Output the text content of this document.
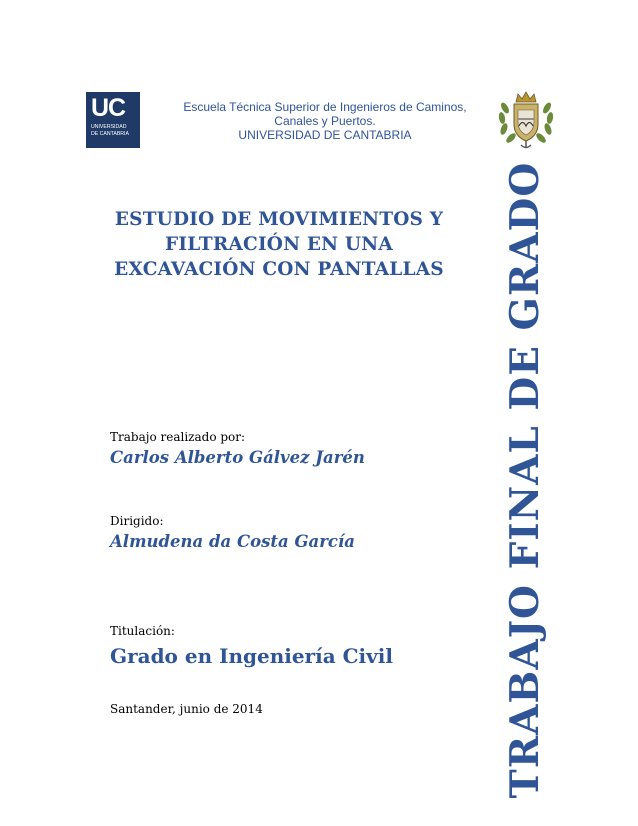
UC
UNIVERSIDAD
DE CANTABRIA
Escuela Técnica Superior de Ingenieros de Caminos,
Canales y Puertos.
UNIVERSIDAD DE CANTABRIA
ESTUDIO DE MOVIMIENTOS Y
FILTRACIÓN EN UNA
EXCAVACIÓN CON PANTALLAS TRABAJO FINAL DE GRADO
Trabajo realizado por:
Carlos Alberto Gálvez Jarén
Dirigido:
Almudena da Costa García
Titulación:
Grado en Ingeniería Civil
Santander, junio de 2014
